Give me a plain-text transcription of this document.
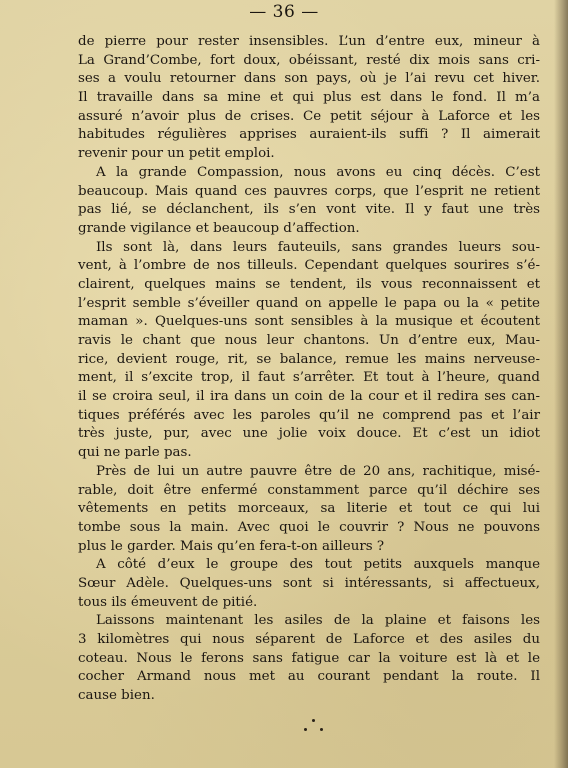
— 36 —
de pierre pour rester insensibles. L’un d’entre eux, mineur à
La Grand’Combe, fort doux, obéissant, resté dix mois sans cri-
ses a voulu retourner dans son pays, où je l’ai revu cet hiver.
Il travaille dans sa mine et qui plus est dans le fond. Il m’a
assuré n’avoir plus de crises. Ce petit séjour à Laforce et les
habitudes régulières apprises auraient-ils suffi ? Il aimerait
revenir pour un petit emploi.
A la grande Compassion, nous avons eu cinq décès. C’est
beaucoup. Mais quand ces pauvres corps, que l’esprit ne retient
pas lié, se déclanchent, ils s’en vont vite. Il y faut une très
grande vigilance et beaucoup d’affection.
Ils sont là, dans leurs fauteuils, sans grandes lueurs sou-
vent, à l’ombre de nos tilleuls. Cependant quelques sourires s’é-
clairent, quelques mains se tendent, ils vous reconnaissent et
l’esprit semble s’éveiller quand on appelle le papa ou la « petite
maman ». Quelques-uns sont sensibles à la musique et écoutent
ravis le chant que nous leur chantons. Un d’entre eux, Mau-
rice, devient rouge, rit, se balance, remue les mains nerveuse-
ment, il s’excite trop, il faut s’arrêter. Et tout à l’heure, quand
il se croira seul, il ira dans un coin de la cour et il redira ses can-
tiques préférés avec les paroles qu’il ne comprend pas et l’air
très juste, pur, avec une jolie voix douce. Et c’est un idiot
qui ne parle pas.
Près de lui un autre pauvre être de 20 ans, rachitique, misé-
rable, doit être enfermé constamment parce qu’il déchire ses
vêtements en petits morceaux, sa literie et tout ce qui lui
tombe sous la main. Avec quoi le couvrir ? Nous ne pouvons
plus le garder. Mais qu’en fera-t-on ailleurs ?
A côté d’eux le groupe des tout petits auxquels manque
Sœur Adèle. Quelques-uns sont si intéressants, si affectueux,
tous ils émeuvent de pitié.
Laissons maintenant les asiles de la plaine et faisons les
3 kilomètres qui nous séparent de Laforce et des asiles du
coteau. Nous le ferons sans fatigue car la voiture est là et le
cocher Armand nous met au courant pendant la route. Il
cause bien.
